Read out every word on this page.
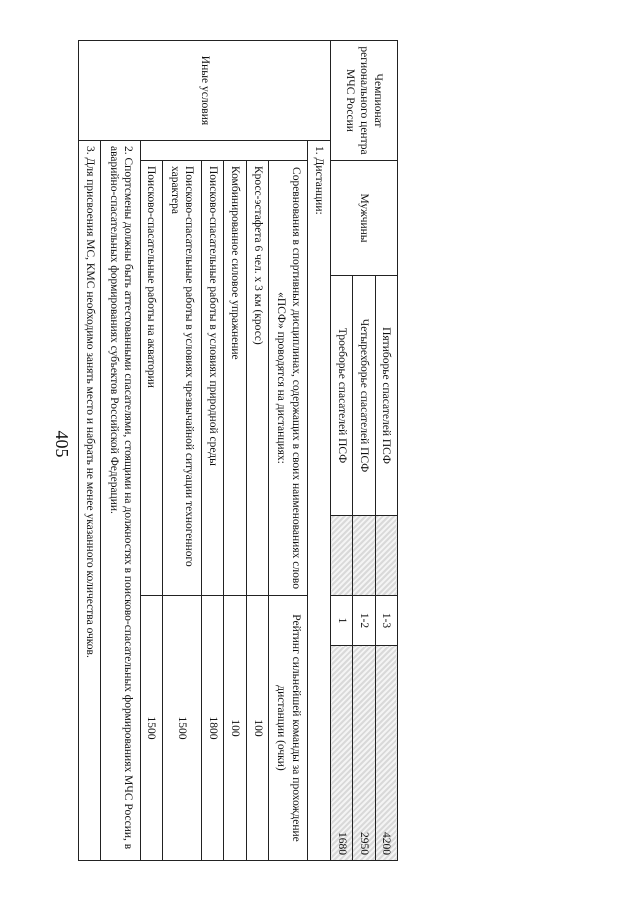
405
Чемпионат регионального центра МЧС России		Мужчины	Пятиборье спасателей ПСФ		1-3	4200
			Четырехборье спасателей ПСФ		1-2	2950
			Троеборье спасателей ПСФ		1	1680
Иные условия	1. Дистанции:					
		Соревнования в спортивных дисциплинах, содержащих в своих наименованиях слово «ПСФ» проводятся на дистанциях:			Рейтинг сильнейшей команды за прохождение дистанции (очки)	
		Кросс-эстафета 6 чел. х 3 км (кросс)			100	
		Комбинированное силовое упражнение			100	
		Поисково-спасательные работы в условиях природной среды			1800	
		Поисково-спасательные работы в условиях чрезвычайной ситуации техногенного характера			1500	
		Поисково-спасательные работы на акватории			1500	
	2. Спортсмены должны быть аттестованными спасателями, стоящими на должностях в поисково-спасательных формированиях МЧС России, в аварийно-спасательных формированиях субъектов Российской Федерации.					
	3. Для присвоения МС, КМС необходимо занять место и набрать не менее указанного количества очков.					
